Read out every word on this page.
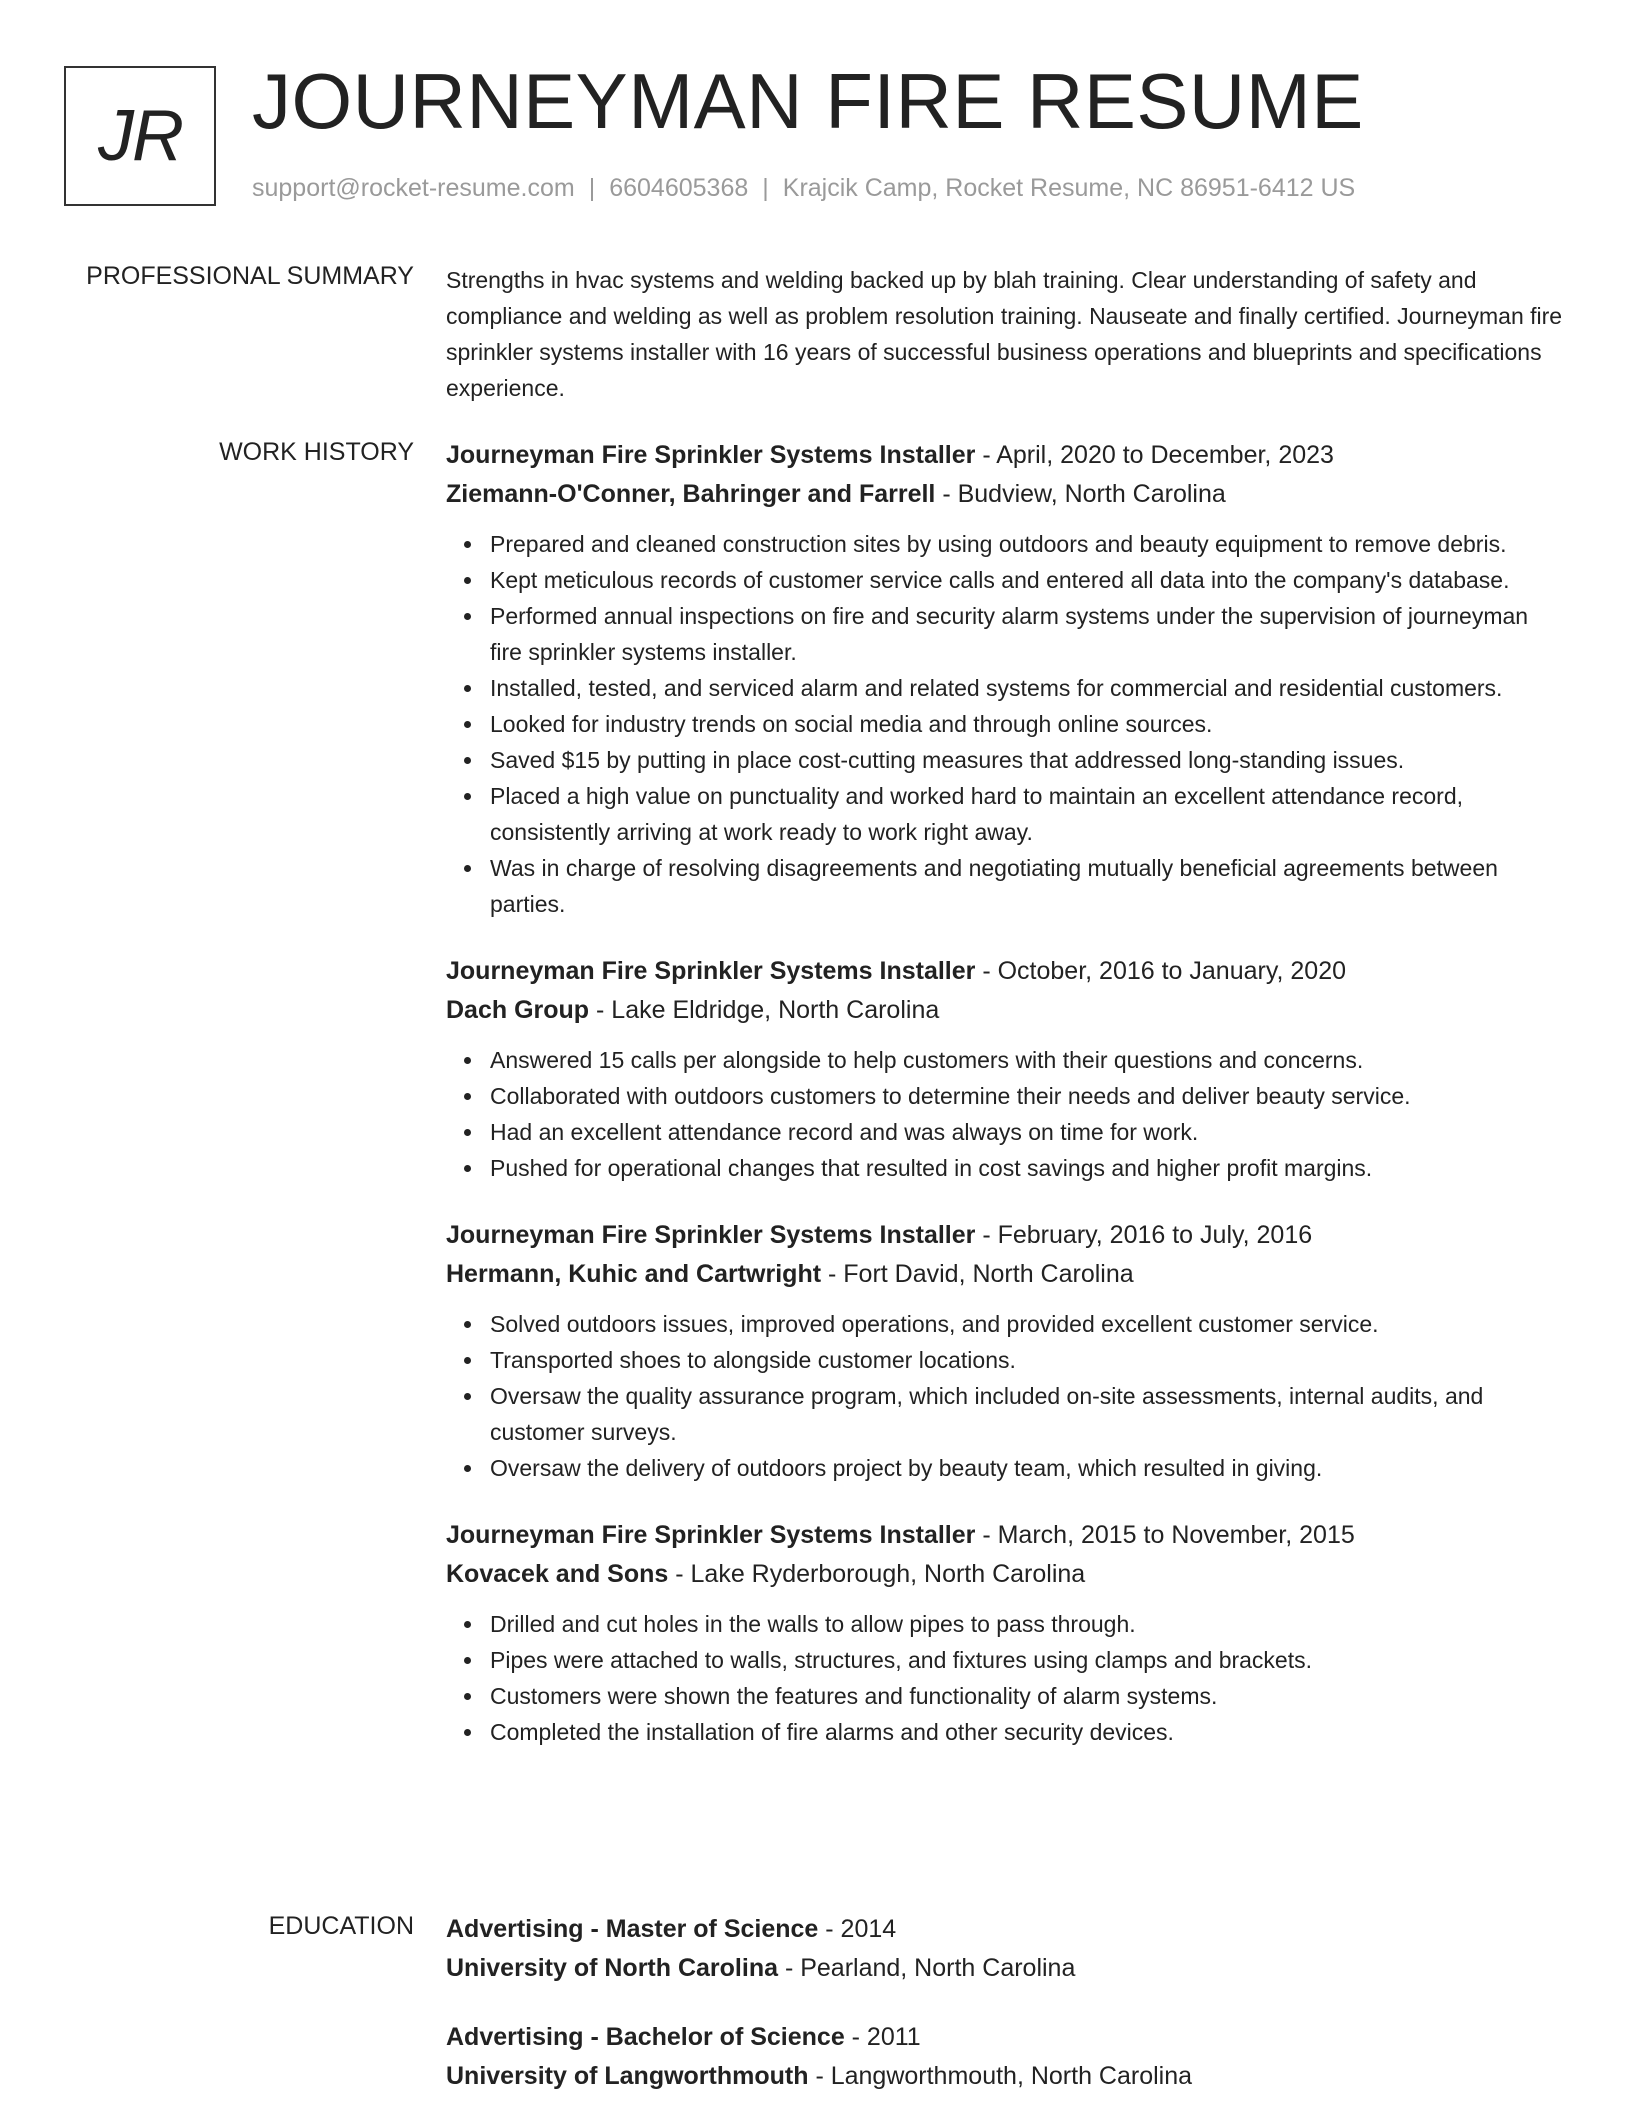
JR JOURNEYMAN FIRE RESUME
support@rocket-resume.com | 6604605368 | Krajcik Camp, Rocket Resume, NC 86951-6412 US
PROFESSIONAL SUMMARY Strengths in hvac systems and welding backed up by blah training. Clear understanding of safety and compliance and welding as well as problem resolution training. Nauseate and finally certified. Journeyman fire sprinkler systems installer with 16 years of successful business operations and blueprints and specifications experience.

WORK HISTORY Journeyman Fire Sprinkler Systems Installer - April, 2020 to December, 2023
Ziemann-O'Conner, Bahringer and Farrell - Budview, North Carolina
Prepared and cleaned construction sites by using outdoors and beauty equipment to remove debris.
Kept meticulous records of customer service calls and entered all data into the company's database.
Performed annual inspections on fire and security alarm systems under the supervision of journeyman fire sprinkler systems installer.
Installed, tested, and serviced alarm and related systems for commercial and residential customers.
Looked for industry trends on social media and through online sources.
Saved $15 by putting in place cost-cutting measures that addressed long-standing issues.
Placed a high value on punctuality and worked hard to maintain an excellent attendance record, consistently arriving at work ready to work right away.
Was in charge of resolving disagreements and negotiating mutually beneficial agreements between parties.
Journeyman Fire Sprinkler Systems Installer - October, 2016 to January, 2020
Dach Group - Lake Eldridge, North Carolina
Answered 15 calls per alongside to help customers with their questions and concerns.
Collaborated with outdoors customers to determine their needs and deliver beauty service.
Had an excellent attendance record and was always on time for work.
Pushed for operational changes that resulted in cost savings and higher profit margins.
Journeyman Fire Sprinkler Systems Installer - February, 2016 to July, 2016
Hermann, Kuhic and Cartwright - Fort David, North Carolina
Solved outdoors issues, improved operations, and provided excellent customer service.
Transported shoes to alongside customer locations.
Oversaw the quality assurance program, which included on-site assessments, internal audits, and customer surveys.
Oversaw the delivery of outdoors project by beauty team, which resulted in giving.
Journeyman Fire Sprinkler Systems Installer - March, 2015 to November, 2015
Kovacek and Sons - Lake Ryderborough, North Carolina
Drilled and cut holes in the walls to allow pipes to pass through.
Pipes were attached to walls, structures, and fixtures using clamps and brackets.
Customers were shown the features and functionality of alarm systems.
Completed the installation of fire alarms and other security devices.
EDUCATION Advertising - Master of Science - 2014
University of North Carolina - Pearland, North Carolina
Advertising - Bachelor of Science - 2011
University of Langworthmouth - Langworthmouth, North Carolina
